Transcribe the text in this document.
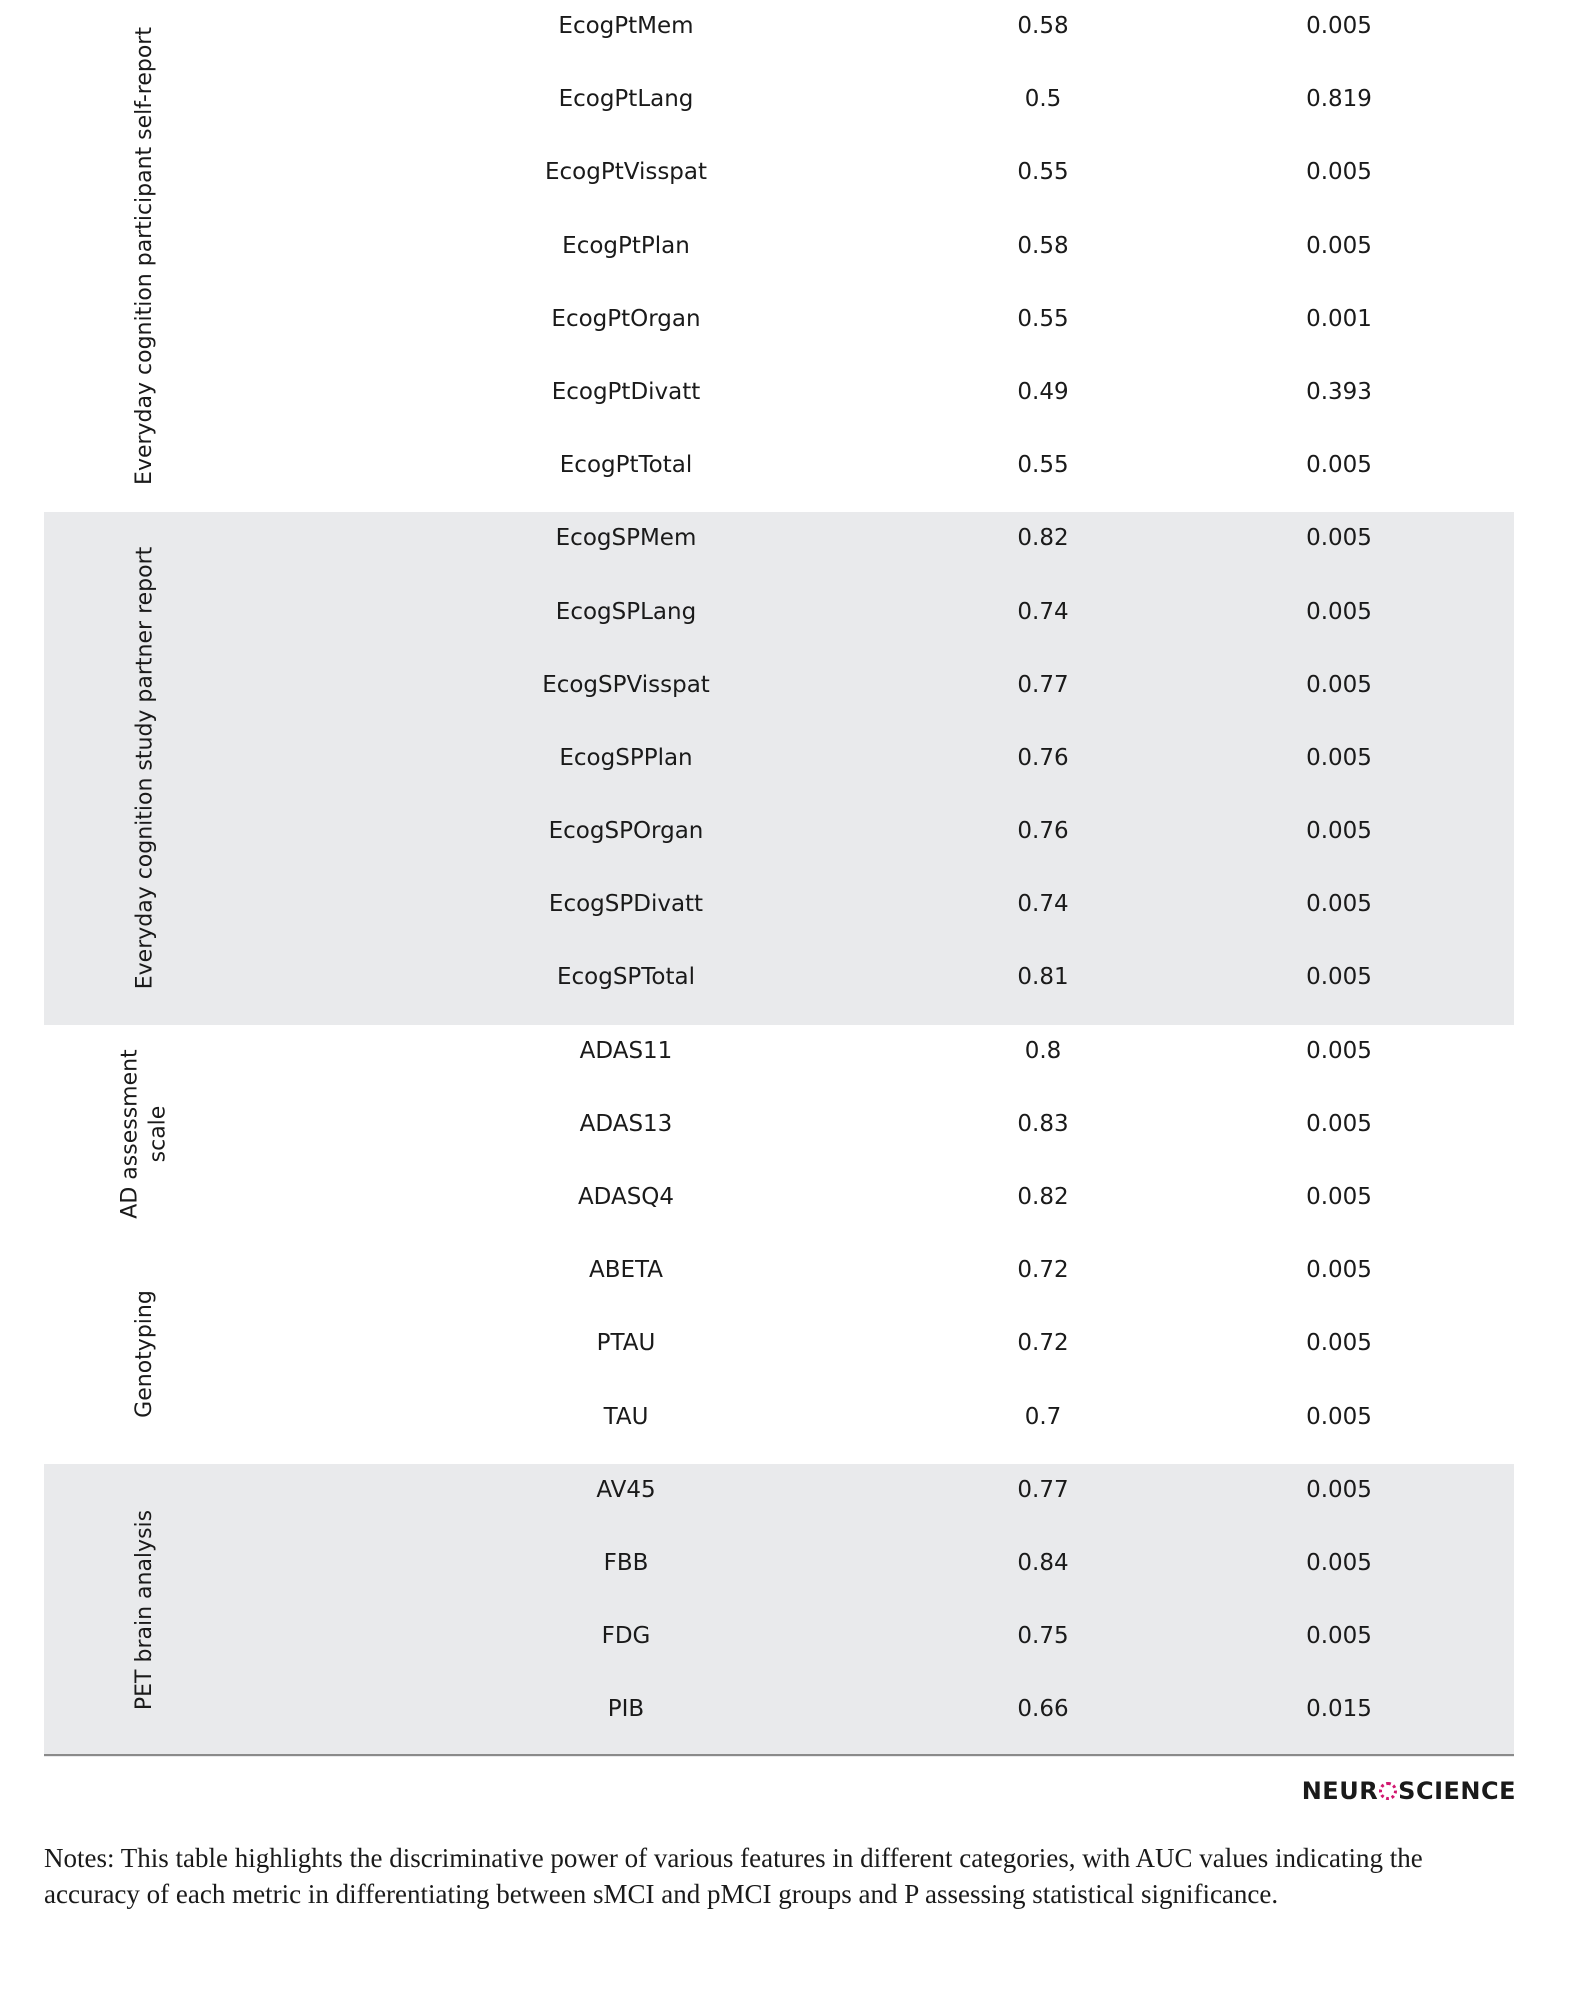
Everyday cognition participant self-report
EcogPtMem	0.58	0.005
EcogPtLang	0.5	0.819
EcogPtVisspat	0.55	0.005
EcogPtPlan	0.58	0.005
EcogPtOrgan	0.55	0.001
EcogPtDivatt	0.49	0.393
EcogPtTotal	0.55	0.005
Everyday cognition study partner report
EcogSPMem	0.82	0.005
EcogSPLang	0.74	0.005
EcogSPVisspat	0.77	0.005
EcogSPPlan	0.76	0.005
EcogSPOrgan	0.76	0.005
EcogSPDivatt	0.74	0.005
EcogSPTotal	0.81	0.005
AD assessment
scale
ADAS11	0.8	0.005
ADAS13	0.83	0.005
ADASQ4	0.82	0.005
Genotyping
ABETA	0.72	0.005
PTAU	0.72	0.005
TAU	0.7	0.005
PET brain analysis
AV45	0.77	0.005
FBB	0.84	0.005
FDG	0.75	0.005
PIB	0.66	0.015
NEUR SCIENCE
Notes: This table highlights the discriminative power of various features in different categories, with AUC values indicating the accuracy of each metric in differentiating between sMCI and pMCI groups and P assessing statistical significance.
